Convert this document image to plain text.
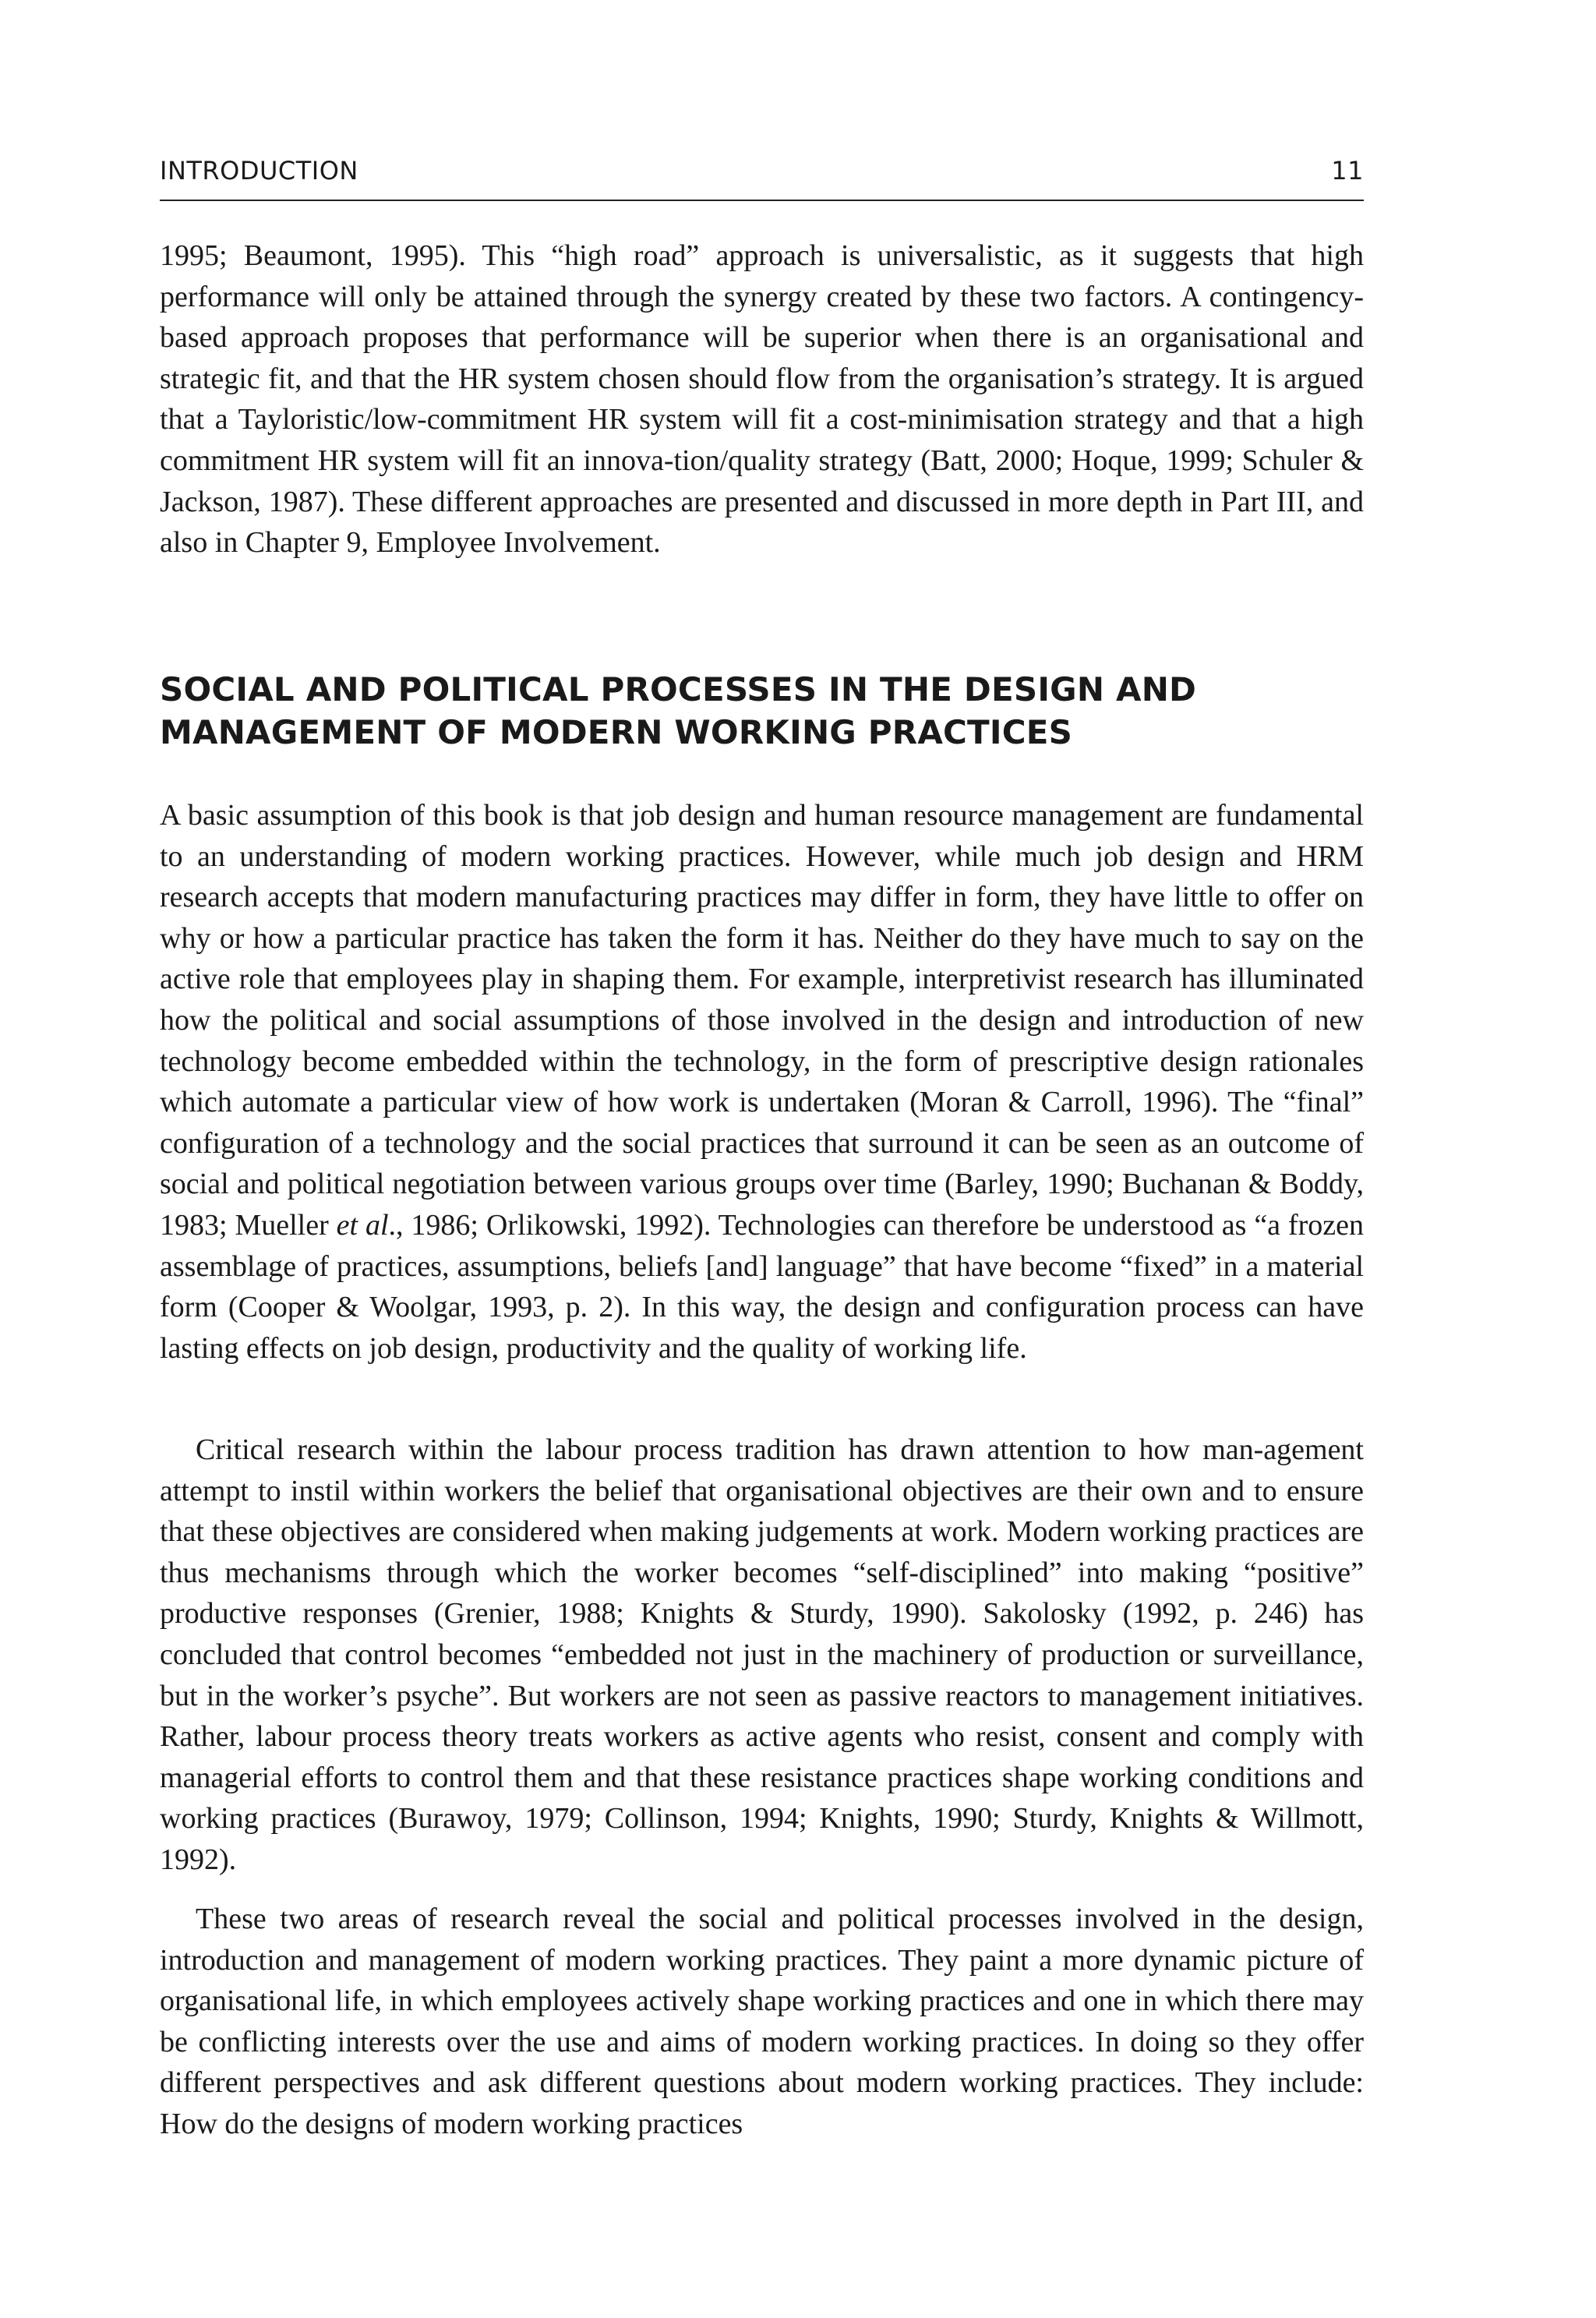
INTRODUCTION	11

1995; Beaumont, 1995). This “high road” approach is universalistic, as it suggests that high performance will only be attained through the synergy created by these two factors. A contingency-based approach proposes that performance will be superior when there is an organisational and strategic fit, and that the HR system chosen should flow from the organisation’s strategy. It is argued that a Tayloristic/low-commitment HR system will fit a cost-minimisation strategy and that a high commitment HR system will fit an innova-tion/quality strategy (Batt, 2000; Hoque, 1999; Schuler & Jackson, 1987). These different approaches are presented and discussed in more depth in Part III, and also in Chapter 9, Employee Involvement.

SOCIAL AND POLITICAL PROCESSES IN THE DESIGN AND MANAGEMENT OF MODERN WORKING PRACTICES

A basic assumption of this book is that job design and human resource management are fundamental to an understanding of modern working practices. However, while much job design and HRM research accepts that modern manufacturing practices may differ in form, they have little to offer on why or how a particular practice has taken the form it has. Neither do they have much to say on the active role that employees play in shaping them. For example, interpretivist research has illuminated how the political and social assumptions of those involved in the design and introduction of new technology become embedded within the technology, in the form of prescriptive design rationales which automate a particular view of how work is undertaken (Moran & Carroll, 1996). The “final” configuration of a technology and the social practices that surround it can be seen as an outcome of social and political negotiation between various groups over time (Barley, 1990; Buchanan & Boddy, 1983; Mueller et al., 1986; Orlikowski, 1992). Technologies can therefore be understood as “a frozen assemblage of practices, assumptions, beliefs [and] language” that have become “fixed” in a material form (Cooper & Woolgar, 1993, p. 2). In this way, the design and configuration process can have lasting effects on job design, productivity and the quality of working life.

Critical research within the labour process tradition has drawn attention to how man-agement attempt to instil within workers the belief that organisational objectives are their own and to ensure that these objectives are considered when making judgements at work. Modern working practices are thus mechanisms through which the worker becomes “self-disciplined” into making “positive” productive responses (Grenier, 1988; Knights & Sturdy, 1990). Sakolosky (1992, p. 246) has concluded that control becomes “embedded not just in the machinery of production or surveillance, but in the worker’s psyche”. But workers are not seen as passive reactors to management initiatives. Rather, labour process theory treats workers as active agents who resist, consent and comply with managerial efforts to control them and that these resistance practices shape working conditions and working practices (Burawoy, 1979; Collinson, 1994; Knights, 1990; Sturdy, Knights & Willmott, 1992).

These two areas of research reveal the social and political processes involved in the design, introduction and management of modern working practices. They paint a more dynamic picture of organisational life, in which employees actively shape working practices and one in which there may be conflicting interests over the use and aims of modern working practices. In doing so they offer different perspectives and ask different questions about modern working practices. They include: How do the designs of modern working practices
